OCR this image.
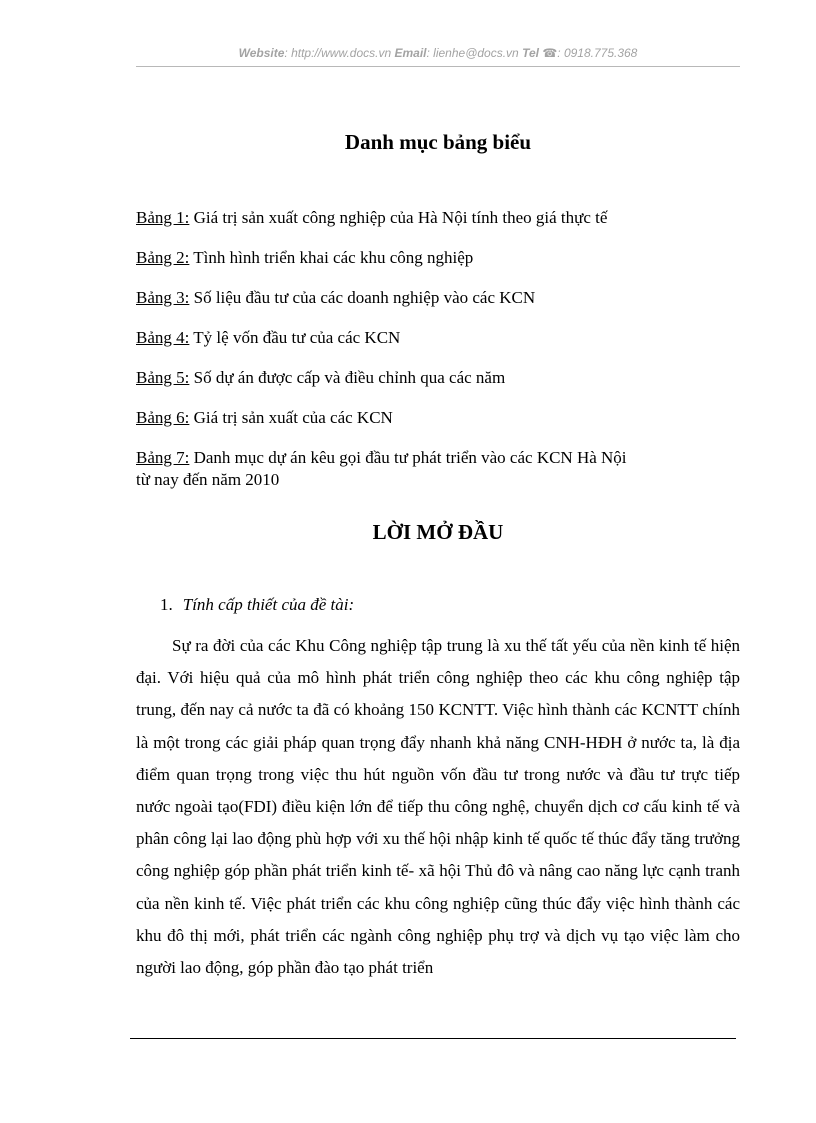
Website: http://www.docs.vn Email: lienhe@docs.vn Tel ☎: 0918.775.368
Danh mục bảng biểu
Bảng 1: Giá trị sản xuất công nghiệp của Hà Nội tính theo giá thực tế
Bảng 2: Tình hình triển khai các khu công nghiệp
Bảng 3: Số liệu đầu tư của các doanh nghiệp vào các KCN
Bảng 4: Tỷ lệ vốn đầu tư của các KCN
Bảng 5: Số dự án được cấp và điều chỉnh qua các năm
Bảng 6: Giá trị sản xuất của các KCN
Bảng 7: Danh mục dự án kêu gọi đầu tư phát triển vào các KCN Hà Nội
từ nay đến năm 2010
LỜI MỞ ĐẦU
1. Tính cấp thiết của đề tài:

Sự ra đời của các Khu Công nghiệp tập trung là xu thế tất yếu của nền kinh tế hiện đại. Với hiệu quả của mô hình phát triển công nghiệp theo các khu công nghiệp tập trung, đến nay cả nước ta đã có khoảng 150 KCNTT. Việc hình thành các KCNTT chính là một trong các giải pháp quan trọng đẩy nhanh khả năng CNH-HĐH ở nước ta, là địa điểm quan trọng trong việc thu hút nguồn vốn đầu tư trong nước và đầu tư trực tiếp nước ngoài tạo(FDI) điều kiện lớn để tiếp thu công nghệ, chuyển dịch cơ cấu kinh tế và phân công lại lao động phù hợp với xu thế hội nhập kinh tế quốc tế thúc đẩy tăng trưởng công nghiệp góp phần phát triển kinh tế- xã hội Thủ đô và nâng cao năng lực cạnh tranh của nền kinh tế. Việc phát triển các khu công nghiệp cũng thúc đẩy việc hình thành các khu đô thị mới, phát triển các ngành công nghiệp phụ trợ và dịch vụ tạo việc làm cho người lao động, góp phần đào tạo phát triển
